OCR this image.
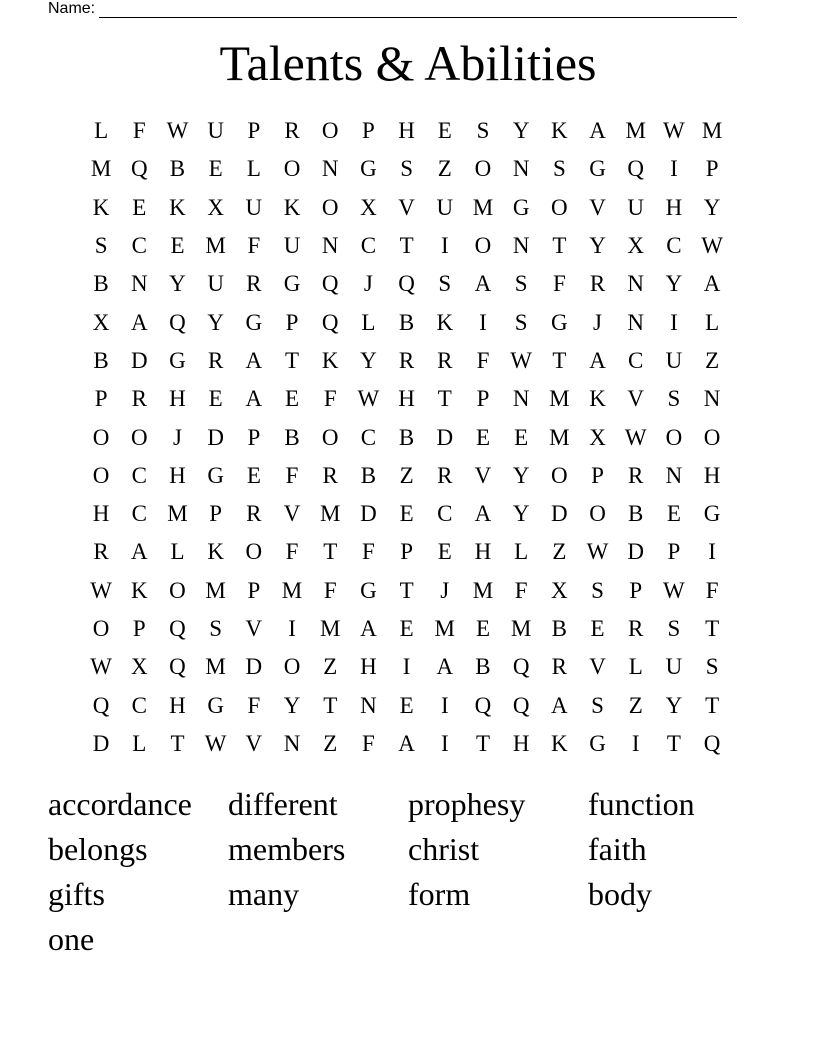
Name:
Talents & Abilities
L	F W U	P	R O	P	H E	S	Y K A M W M
M Q B	E	L O N G	S	Z O N	S	G Q	I	P
K E K X U K O X V U M G O V U H Y
S	C	E M F	U N C	T	I	O N T Y X C W
B N Y U R G Q	J	Q	S	A	S	F	R N Y A
X A Q Y G	P	Q L	B K	I	S	G	J	N	I	L
B D G R A T K Y R R	F W T A C U Z
P	R H E A E	F W H T	P	N M K V	S	N
O O	J	D	P	B O C B D E	E M X W O O
O C H G E	F	R B	Z	R V Y O	P	R N H
H C M P	R V M D E	C A Y D O B	E G
R A L K O	F	T	F	P	E H L	Z W D	P	I
W K O M P M F	G T	J	M F	X	S	P W F
O	P	Q	S	V	I	M A E M E M B	E	R	S	T
W X Q M D O Z H	I	A B Q R V L U	S
Q C H G	F	Y T N E	I	Q Q A	S	Z Y T
D L	T W V N Z	F	A	I	T H K G	I	T Q
accordance	different	prophesy	function
belongs	members	christ	faith
gifts	many	form	body
one
